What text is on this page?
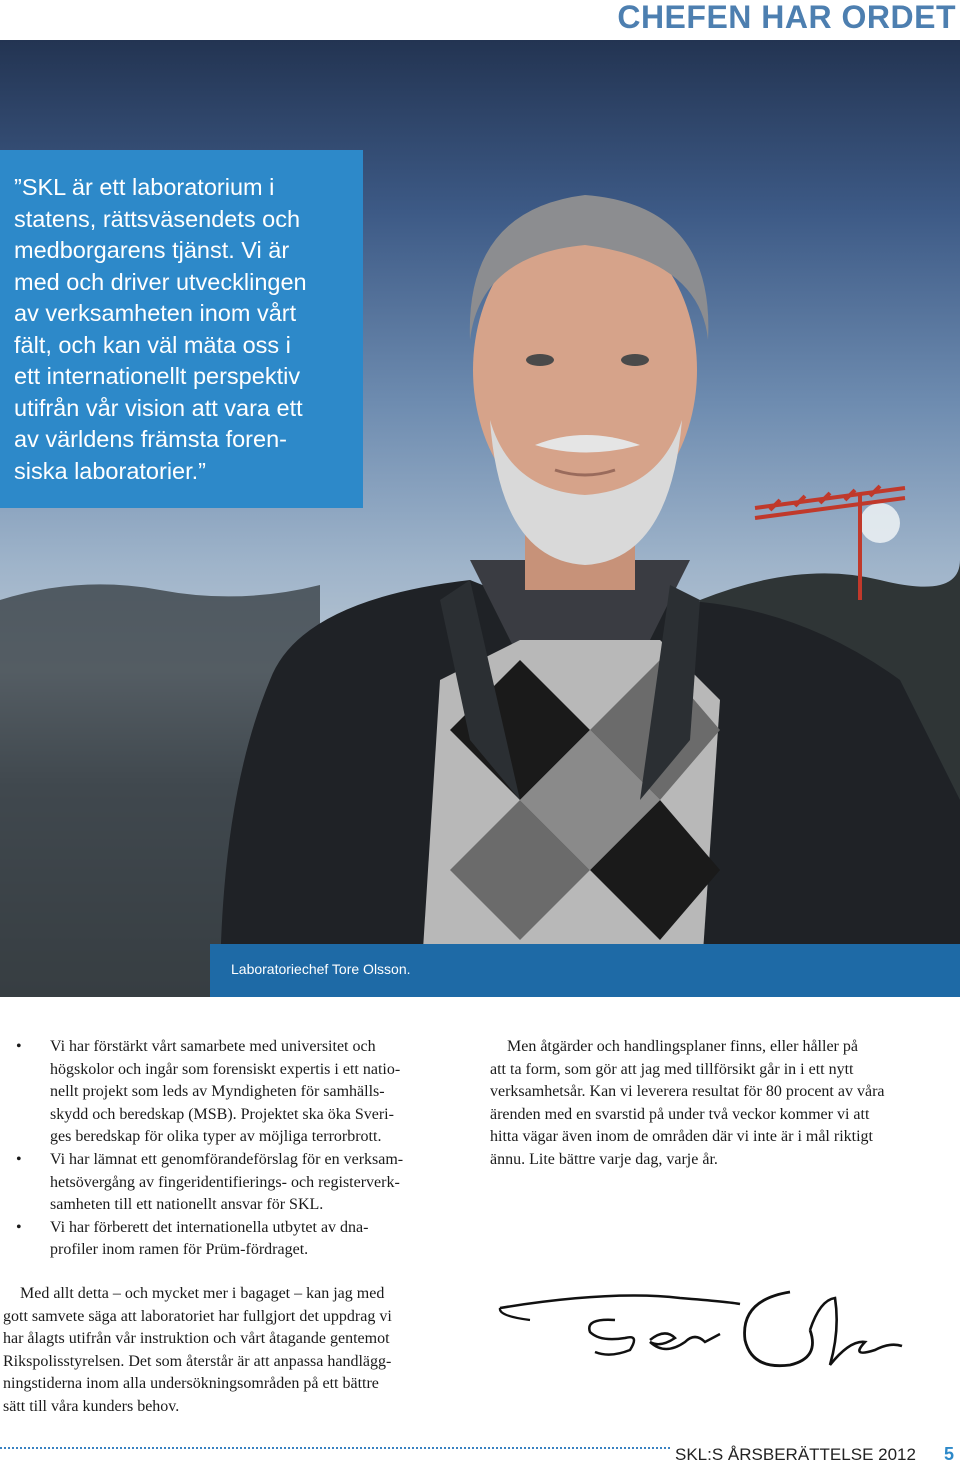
CHEFEN HAR ORDET

”SKL är ett laboratorium i
statens, rättsväsendets och
medborgarens tjänst. Vi är
med och driver utvecklingen
av verksamheten inom vårt
fält, och kan väl mäta oss i
ett internationellt perspektiv
utifrån vår vision att vara ett
av världens främsta foren-
siska laboratorier.”

Laboratoriechef Tore Olsson.
• Vi har förstärkt vårt samarbete med universitet och
högskolor och ingår som forensiskt expertis i ett natio-
nellt projekt som leds av Myndigheten för samhälls-
skydd och beredskap (MSB). Projektet ska öka Sveri-
ges beredskap för olika typer av möjliga terrorbrott.
• Vi har lämnat ett genomförandeförslag för en verksam-
hetsövergång av fingeridentifierings- och registerverk-
samheten till ett nationellt ansvar för SKL.
• Vi har förberett det internationella utbytet av dna-
profiler inom ramen för Prüm-fördraget.

Men åtgärder och handlingsplaner finns, eller håller på
att ta form, som gör att jag med tillförsikt går in i ett nytt
verksamhetsår. Kan vi leverera resultat för 80 procent av våra
ärenden med en svarstid på under två veckor kommer vi att
hitta vägar även inom de områden där vi inte är i mål riktigt
ännu. Lite bättre varje dag, varje år.

Med allt detta – och mycket mer i bagaget – kan jag med
gott samvete säga att laboratoriet har fullgjort det uppdrag vi
har ålagts utifrån vår instruktion och vårt åtagande gentemot
Rikspolisstyrelsen. Det som återstår är att anpassa handlägg-
ningstiderna inom alla undersökningsområden på ett bättre
sätt till våra kunders behov.

SKL:S ÅRSBERÄTTELSE 2012 5
